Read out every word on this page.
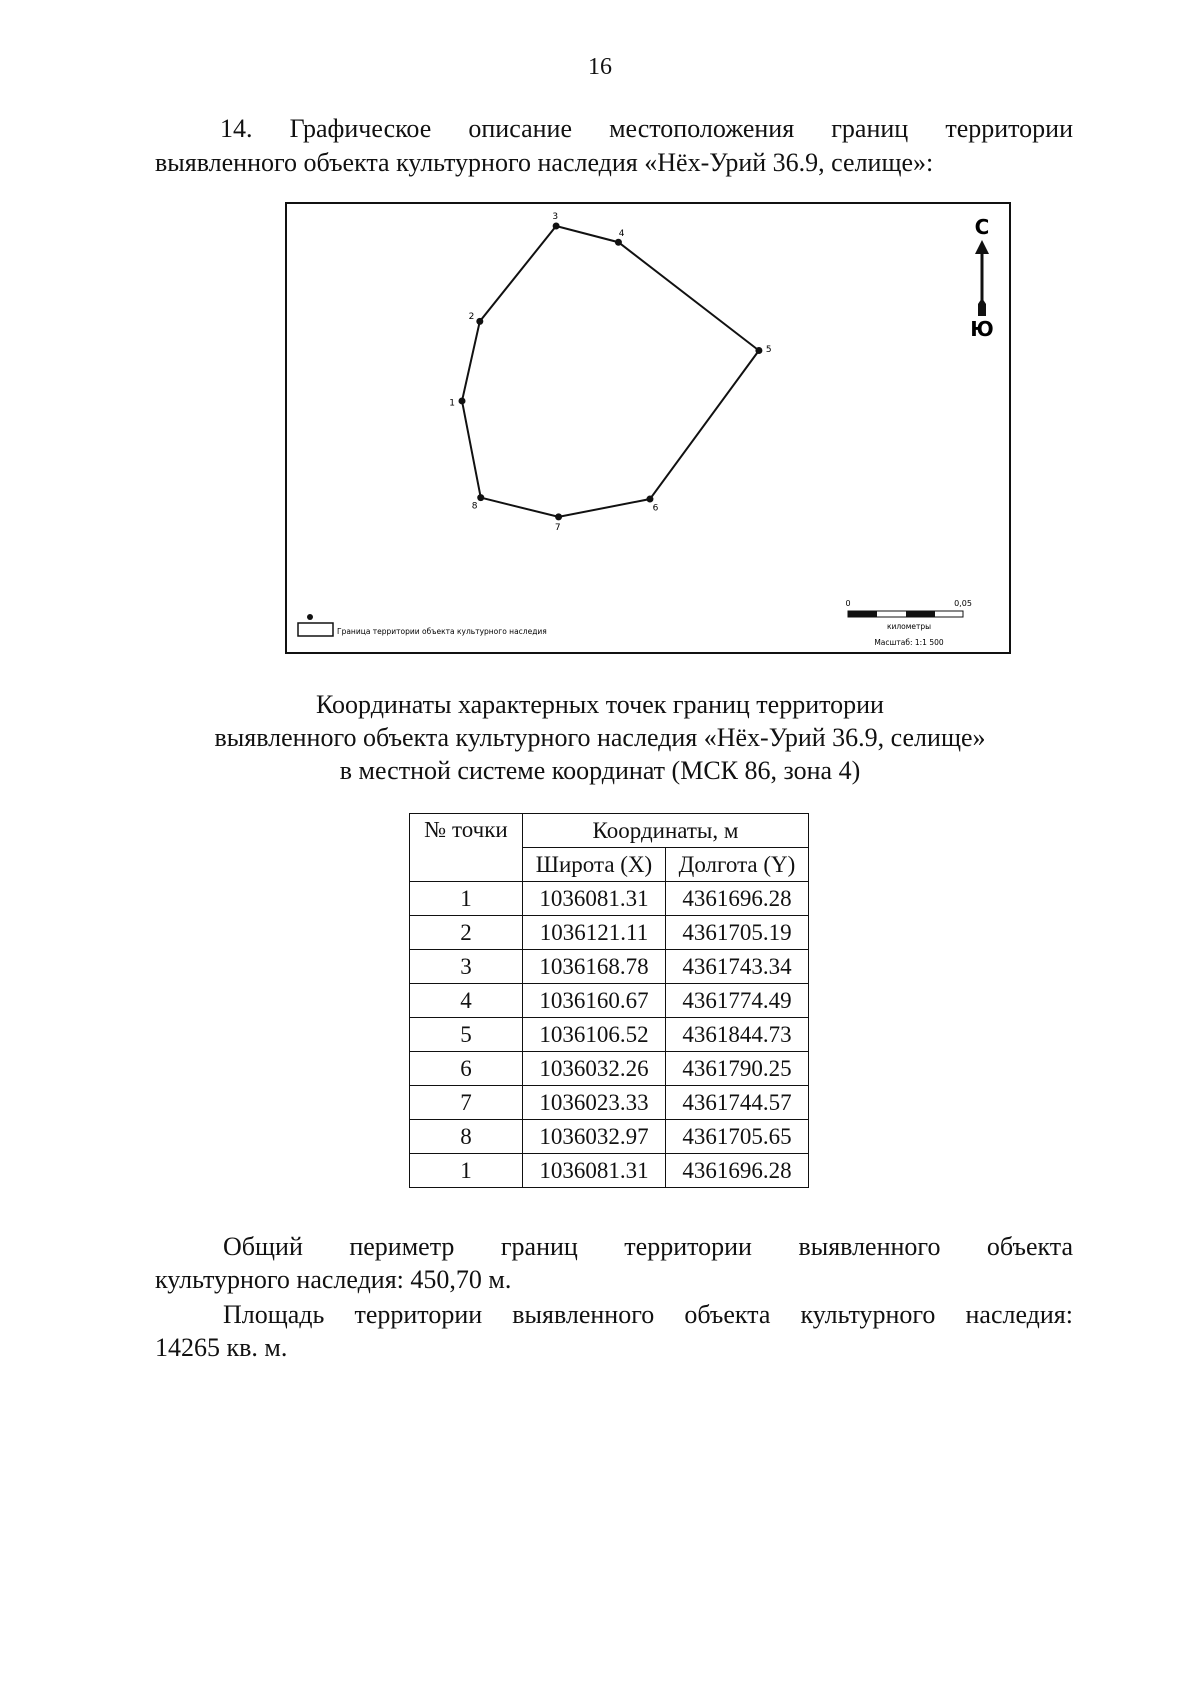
16
14. Графическое описание местоположения границ территории
выявленного объекта культурного наследия «Нёх-Урий 36.9, селище»:
1
2
3
4
5
6
7
8
С
Ю
Граница территории объекта культурного наследия
0	0,05
километры
Масштаб: 1:1 500
Координаты характерных точек границ территории
выявленного объекта культурного наследия «Нёх-Урий 36.9, селище»
в местной системе координат (МСК 86, зона 4)
№ точки	Координаты, м	
	Широта (X)	Долгота (Y)
1	1036081.31	4361696.28
2	1036121.11	4361705.19
3	1036168.78	4361743.34
4	1036160.67	4361774.49
5	1036106.52	4361844.73
6	1036032.26	4361790.25
7	1036023.33	4361744.57
8	1036032.97	4361705.65
1	1036081.31	4361696.28

Общий периметр границ территории выявленного объекта
культурного наследия: 450,70 м.

Площадь территории выявленного объекта культурного наследия:
14265 кв. м.
